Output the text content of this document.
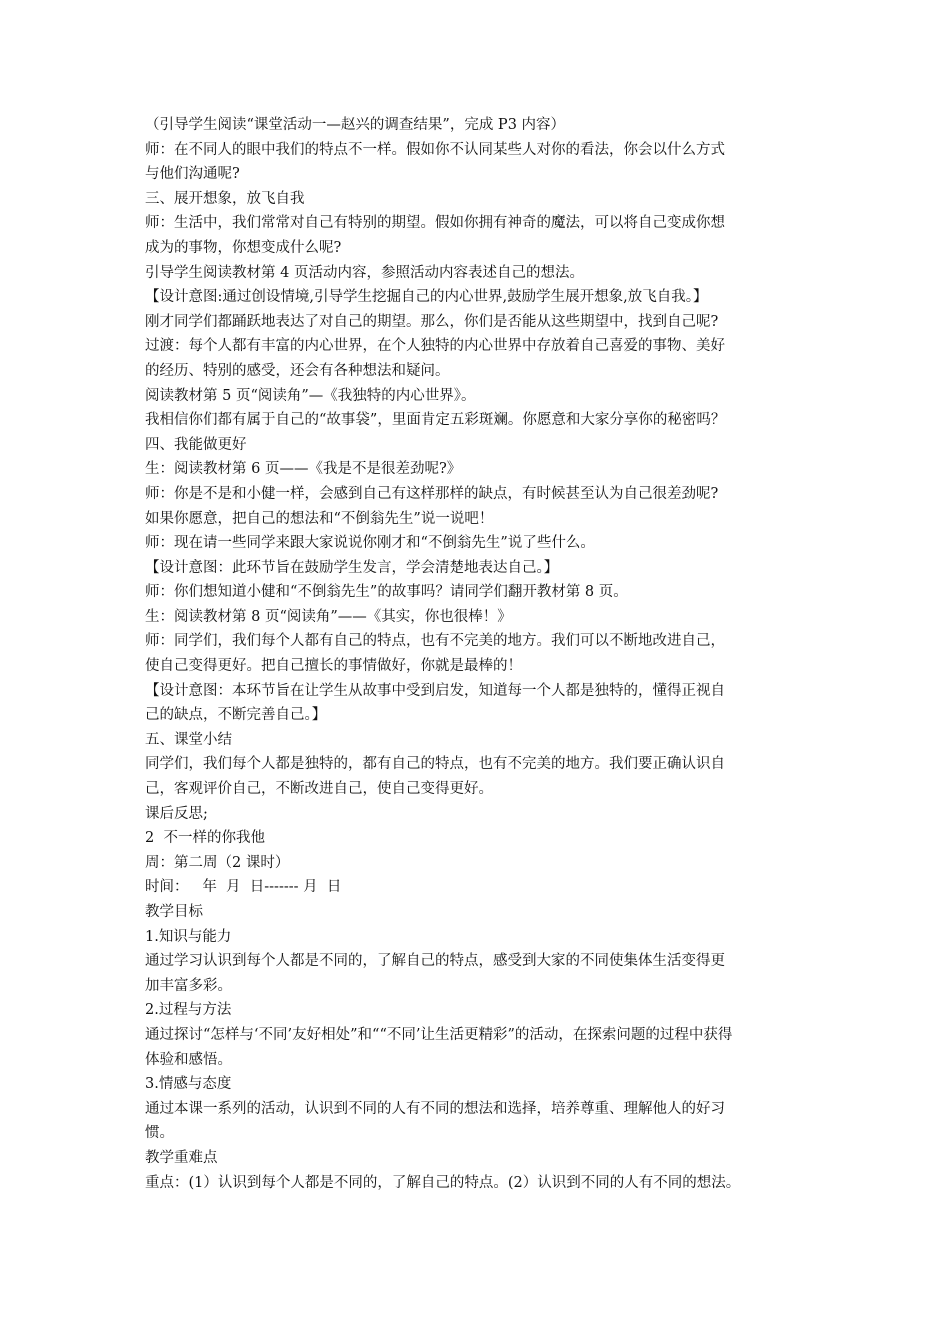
（引导学生阅读“课堂活动一—赵兴的调查结果”，完成 P3 内容）

师：在不同人的眼中我们的特点不一样。假如你不认同某些人对你的看法，你会以什么方式

与他们沟通呢?

三、展开想象，放飞自我

师：生活中，我们常常对自己有特别的期望。假如你拥有神奇的魔法，可以将自己变成你想

成为的事物，你想变成什么呢?

引导学生阅读教材第 4 页活动内容，参照活动内容表述自己的想法。

【设计意图:通过创设情境,引导学生挖掘自己的内心世界,鼓励学生展开想象,放飞自我。】

刚才同学们都踊跃地表达了对自己的期望。那么，你们是否能从这些期望中，找到自己呢?

过渡：每个人都有丰富的内心世界，在个人独特的内心世界中存放着自己喜爱的事物、美好

的经历、特别的感受，还会有各种想法和疑问。

阅读教材第 5 页“阅读角”—《我独特的内心世界》。

我相信你们都有属于自己的“故事袋”，里面肯定五彩斑斓。你愿意和大家分享你的秘密吗？

四、我能做更好

生：阅读教材第 6 页——《我是不是很差劲呢?》

师：你是不是和小健一样，会感到自己有这样那样的缺点，有时候甚至认为自己很差劲呢?

如果你愿意，把自己的想法和“不倒翁先生”说一说吧！

师：现在请一些同学来跟大家说说你刚才和“不倒翁先生”说了些什么。

【设计意图：此环节旨在鼓励学生发言，学会清楚地表达自己。】

师：你们想知道小健和“不倒翁先生”的故事吗？请同学们翻开教材第 8 页。

生：阅读教材第 8 页“阅读角”——《其实，你也很棒！》

师：同学们，我们每个人都有自己的特点，也有不完美的地方。我们可以不断地改进自己，

使自己变得更好。把自己擅长的事情做好，你就是最棒的！

【设计意图：本环节旨在让学生从故事中受到启发，知道每一个人都是独特的，懂得正视自

己的缺点，不断完善自己。】

五、课堂小结

同学们，我们每个人都是独特的，都有自己的特点，也有不完美的地方。我们要正确认识自

己，客观评价自己，不断改进自己，使自己变得更好。

课后反思;

2  不一样的你我他

周：第二周（2 课时）

时间：   年  月  日------- 月  日

教学目标

1.知识与能力

通过学习认识到每个人都是不同的，了解自己的特点，感受到大家的不同使集体生活变得更

加丰富多彩。

2.过程与方法

通过探讨“怎样与‘不同’友好相处”和““不同’让生活更精彩”的活动，在探索问题的过程中获得

体验和感悟。

3.情感与态度

通过本课一系列的活动，认识到不同的人有不同的想法和选择，培养尊重、理解他人的好习

惯。

教学重难点

重点：(1）认识到每个人都是不同的，了解自己的特点。(2）认识到不同的人有不同的想法。
